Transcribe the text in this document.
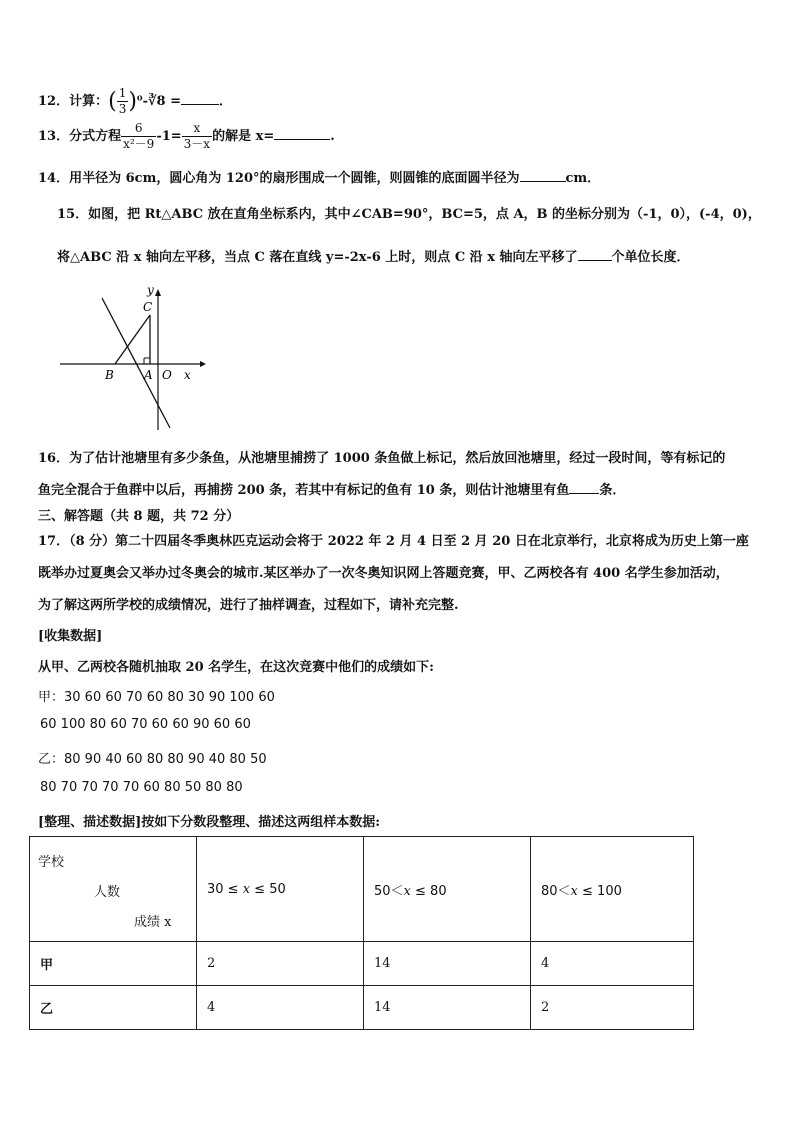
12．计算：( $\frac{1}{3}$ )⁰-∛8 =	．
13．分式方程 $\frac{6}{\text{x²－9}} -1= \frac{x}{3-x}$ 的解是 x=	.
14．用半径为 6cm，圆心角为 120°的扇形围成一个圆锥，则圆锥的底面圆半径为	cm．
15．如图，把 Rt△ABC 放在直角坐标系内，其中∠CAB=90°，BC=5，点 A，B 的坐标分别为（-1，0），(-4，0)，
将△ABC 沿 x 轴向左平移，当点 C 落在直线 y=-2x-6 上时，则点 C 沿 x 轴向左平移了	个单位长度．
y
C
B	A O x
16．为了估计池塘里有多少条鱼，从池塘里捕捞了 1000 条鱼做上标记，然后放回池塘里，经过一段时间，等有标记的
鱼完全混合于鱼群中以后，再捕捞 200 条，若其中有标记的鱼有 10 条，则估计池塘里有鱼 条．
三、解答题（共 8 题，共 72 分）
17．（8 分）第二十四届冬季奥林匹克运动会将于 2022 年 2 月 4 日至 2 月 20 日在北京举行，北京将成为历史上第一座
既举办过夏奥会又举办过冬奥会的城市.某区举办了一次冬奥知识网上答题竞赛，甲、乙两校各有 400 名学生参加活动，
为了解这两所学校的成绩情况，进行了抽样调查，过程如下，请补充完整.
[收集数据]
从甲、乙两校各随机抽取 20 名学生，在这次竞赛中他们的成绩如下:
甲：30 60 60 70 60 80 30 90 100 60
60 100 80 60 70 60 60 90 60 60
乙：80 90 40 60 80 80 90 40 80 50
80 70 70 70 70 60 80 50 80 80
[整理、描述数据]按如下分数段整理、描述这两组样本数据:
学校
人数
成绩 x	30 ≤ x ≤ 50	50＜x ≤ 80	80＜x ≤ 100
甲	2	14	4
乙	4	14	2
